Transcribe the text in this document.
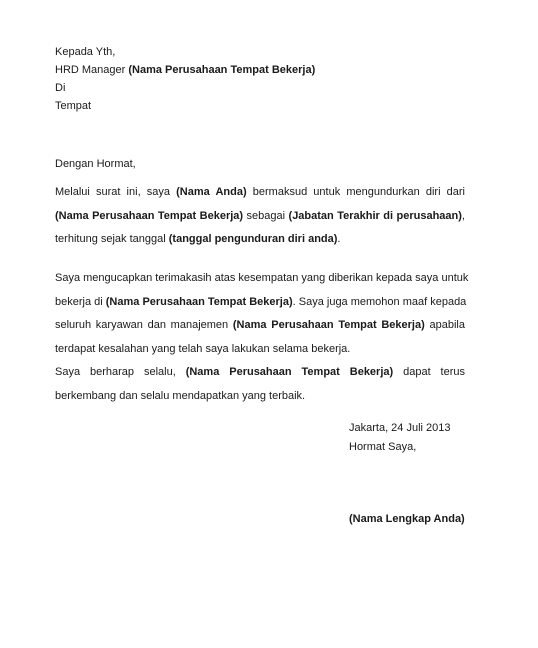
Kepada Yth,
HRD Manager (Nama Perusahaan Tempat Bekerja)
Di
Tempat
Dengan Hormat,
Melalui surat ini, saya (Nama Anda) bermaksud untuk mengundurkan diri dari
(Nama Perusahaan Tempat Bekerja) sebagai (Jabatan Terakhir di perusahaan),
terhitung sejak tanggal (tanggal pengunduran diri anda).
Saya mengucapkan terimakasih atas kesempatan yang diberikan kepada saya untuk
bekerja di (Nama Perusahaan Tempat Bekerja). Saya juga memohon maaf kepada
seluruh karyawan dan manajemen (Nama Perusahaan Tempat Bekerja) apabila
terdapat kesalahan yang telah saya lakukan selama bekerja.
Saya berharap selalu, (Nama Perusahaan Tempat Bekerja) dapat terus
berkembang dan selalu mendapatkan yang terbaik.
Jakarta, 24 Juli 2013
Hormat Saya,
(Nama Lengkap Anda)
